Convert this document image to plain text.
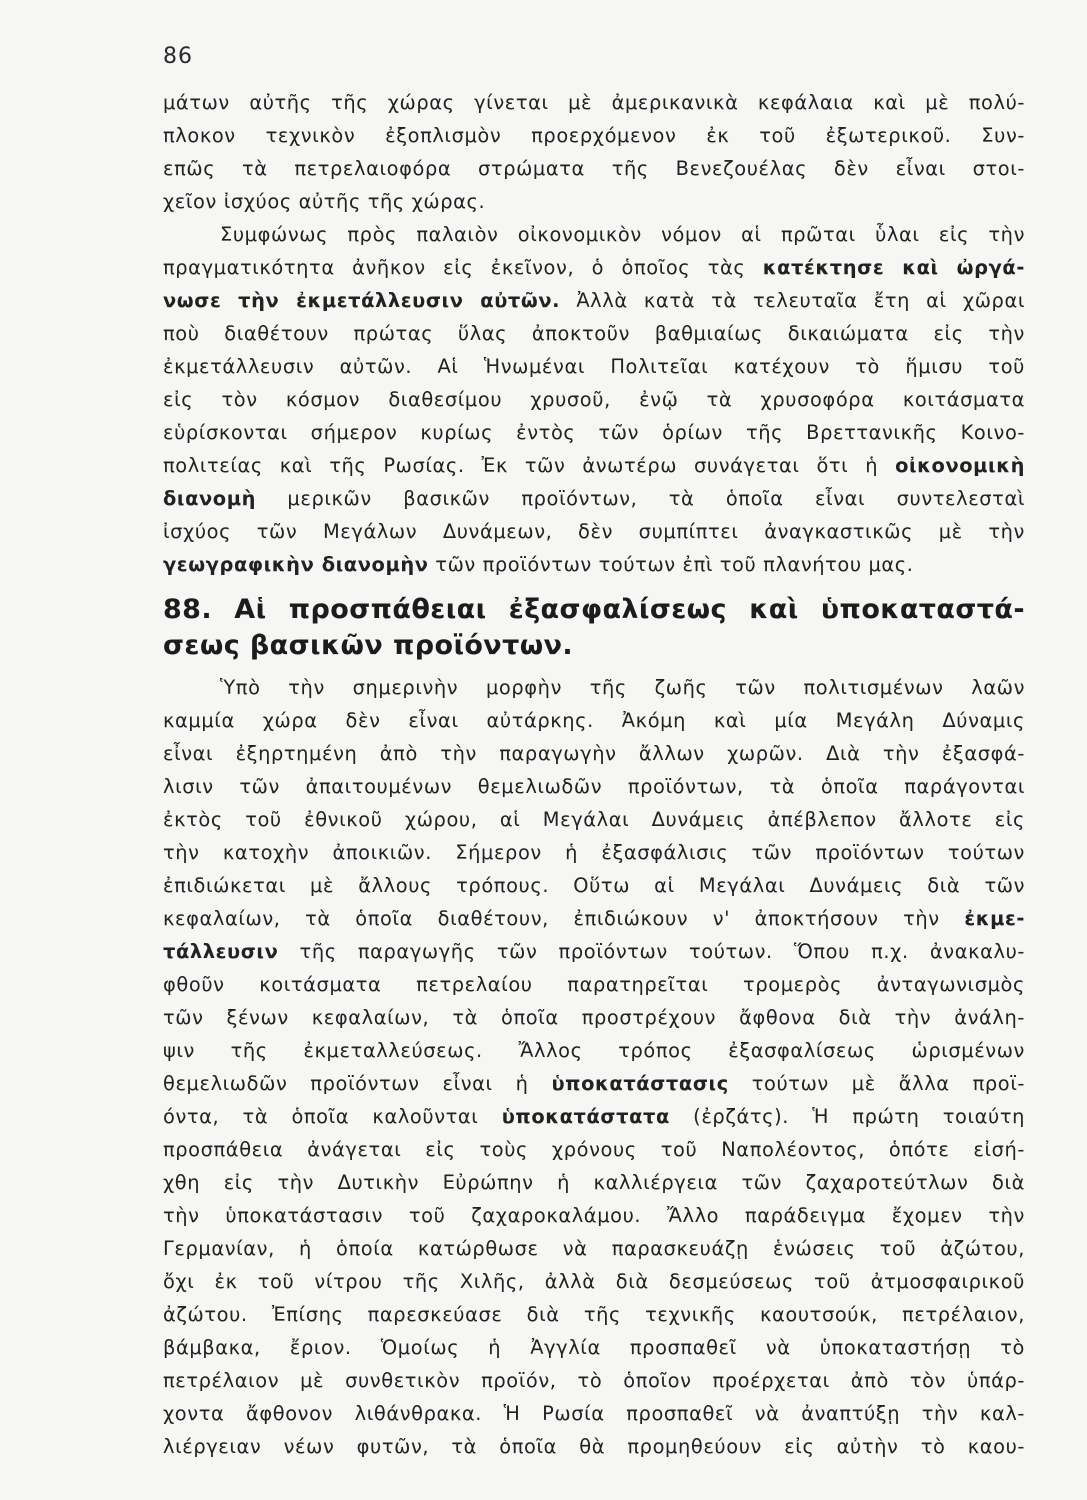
86
μάτων αὐτῆς τῆς χώρας γίνεται μὲ ἀμερικανικὰ κεφάλαια καὶ μὲ πολύ-
πλοκον τεχνικὸν ἐξοπλισμὸν προερχόμενον ἐκ τοῦ ἐξωτερικοῦ. Συν-
επῶς τὰ πετρελαιοφόρα στρώματα τῆς Βενεζουέλας δὲν εἶναι στοι-
χεῖον ἰσχύος αὐτῆς τῆς χώρας.
Συμφώνως πρὸς παλαιὸν οἰκονομικὸν νόμον αἱ πρῶται ὗλαι εἰς τὴν
πραγματικότητα ἀνῆκον εἰς ἐκεῖνον, ὁ ὁποῖος τὰς κατέκτησε καὶ ὠργά-
νωσε τὴν ἐκμετάλλευσιν αὐτῶν. Ἀλλὰ κατὰ τὰ τελευταῖα ἔτη αἱ χῶραι
ποὺ διαθέτουν πρώτας ὕλας ἀποκτοῦν βαθμιαίως δικαιώματα εἰς τὴν
ἐκμετάλλευσιν αὐτῶν. Αἱ Ἡνωμέναι Πολιτεῖαι κατέχουν τὸ ἥμισυ τοῦ
εἰς τὸν κόσμον διαθεσίμου χρυσοῦ, ἐνῷ τὰ χρυσοφόρα κοιτάσματα
εὑρίσκονται σήμερον κυρίως ἐντὸς τῶν ὁρίων τῆς Βρεττανικῆς Κοινο-
πολιτείας καὶ τῆς Ρωσίας. Ἐκ τῶν ἀνωτέρω συνάγεται ὅτι ἡ οἰκονομικὴ
διανομὴ μερικῶν βασικῶν προϊόντων, τὰ ὁποῖα εἶναι συντελεσταὶ
ἰσχύος τῶν Μεγάλων Δυνάμεων, δὲν συμπίπτει ἀναγκαστικῶς μὲ τὴν
γεωγραφικὴν διανομὴν τῶν προϊόντων τούτων ἐπὶ τοῦ πλανήτου μας.
88. Αἱ προσπάθειαι ἐξασφαλίσεως καὶ ὑποκαταστά-
σεως βασικῶν προϊόντων.
Ὑπὸ τὴν σημερινὴν μορφὴν τῆς ζωῆς τῶν πολιτισμένων λαῶν
καμμία χώρα δὲν εἶναι αὐτάρκης. Ἀκόμη καὶ μία Μεγάλη Δύναμις
εἶναι ἐξηρτημένη ἀπὸ τὴν παραγωγὴν ἄλλων χωρῶν. Διὰ τὴν ἐξασφά-
λισιν τῶν ἀπαιτουμένων θεμελιωδῶν προϊόντων, τὰ ὁποῖα παράγονται
ἐκτὸς τοῦ ἐθνικοῦ χώρου, αἱ Μεγάλαι Δυνάμεις ἀπέβλεπον ἄλλοτε εἰς
τὴν κατοχὴν ἀποικιῶν. Σήμερον ἡ ἐξασφάλισις τῶν προϊόντων τούτων
ἐπιδιώκεται μὲ ἄλλους τρόπους. Οὕτω αἱ Μεγάλαι Δυνάμεις διὰ τῶν
κεφαλαίων, τὰ ὁποῖα διαθέτουν, ἐπιδιώκουν ν' ἀποκτήσουν τὴν ἐκμε-
τάλλευσιν τῆς παραγωγῆς τῶν προϊόντων τούτων. Ὅπου π.χ. ἀνακαλυ-
φθοῦν κοιτάσματα πετρελαίου παρατηρεῖται τρομερὸς ἀνταγωνισμὸς
τῶν ξένων κεφαλαίων, τὰ ὁποῖα προστρέχουν ἄφθονα διὰ τὴν ἀνάλη-
ψιν τῆς ἐκμεταλλεύσεως. Ἄλλος τρόπος ἐξασφαλίσεως ὡρισμένων
θεμελιωδῶν προϊόντων εἶναι ἡ ὑποκατάστασις τούτων μὲ ἄλλα προϊ-
όντα, τὰ ὁποῖα καλοῦνται ὑποκατάστατα (ἐρζάτς). Ἡ πρώτη τοιαύτη
προσπάθεια ἀνάγεται εἰς τοὺς χρόνους τοῦ Ναπολέοντος, ὁπότε εἰσή-
χθη εἰς τὴν Δυτικὴν Εὐρώπην ἡ καλλιέργεια τῶν ζαχαροτεύτλων διὰ
τὴν ὑποκατάστασιν τοῦ ζαχαροκαλάμου. Ἄλλο παράδειγμα ἔχομεν τὴν
Γερμανίαν, ἡ ὁποία κατώρθωσε νὰ παρασκευάζῃ ἑνώσεις τοῦ ἀζώτου,
ὄχι ἐκ τοῦ νίτρου τῆς Χιλῆς, ἀλλὰ διὰ δεσμεύσεως τοῦ ἀτμοσφαιρικοῦ
ἀζώτου. Ἐπίσης παρεσκεύασε διὰ τῆς τεχνικῆς καουτσούκ, πετρέλαιον,
βάμβακα, ἔριον. Ὁμοίως ἡ Ἀγγλία προσπαθεῖ νὰ ὑποκαταστήσῃ τὸ
πετρέλαιον μὲ συνθετικὸν προϊόν, τὸ ὁποῖον προέρχεται ἀπὸ τὸν ὑπάρ-
χοντα ἄφθονον λιθάνθρακα. Ἡ Ρωσία προσπαθεῖ νὰ ἀναπτύξῃ τὴν καλ-
λιέργειαν νέων φυτῶν, τὰ ὁποῖα θὰ προμηθεύουν εἰς αὐτὴν τὸ καου-
